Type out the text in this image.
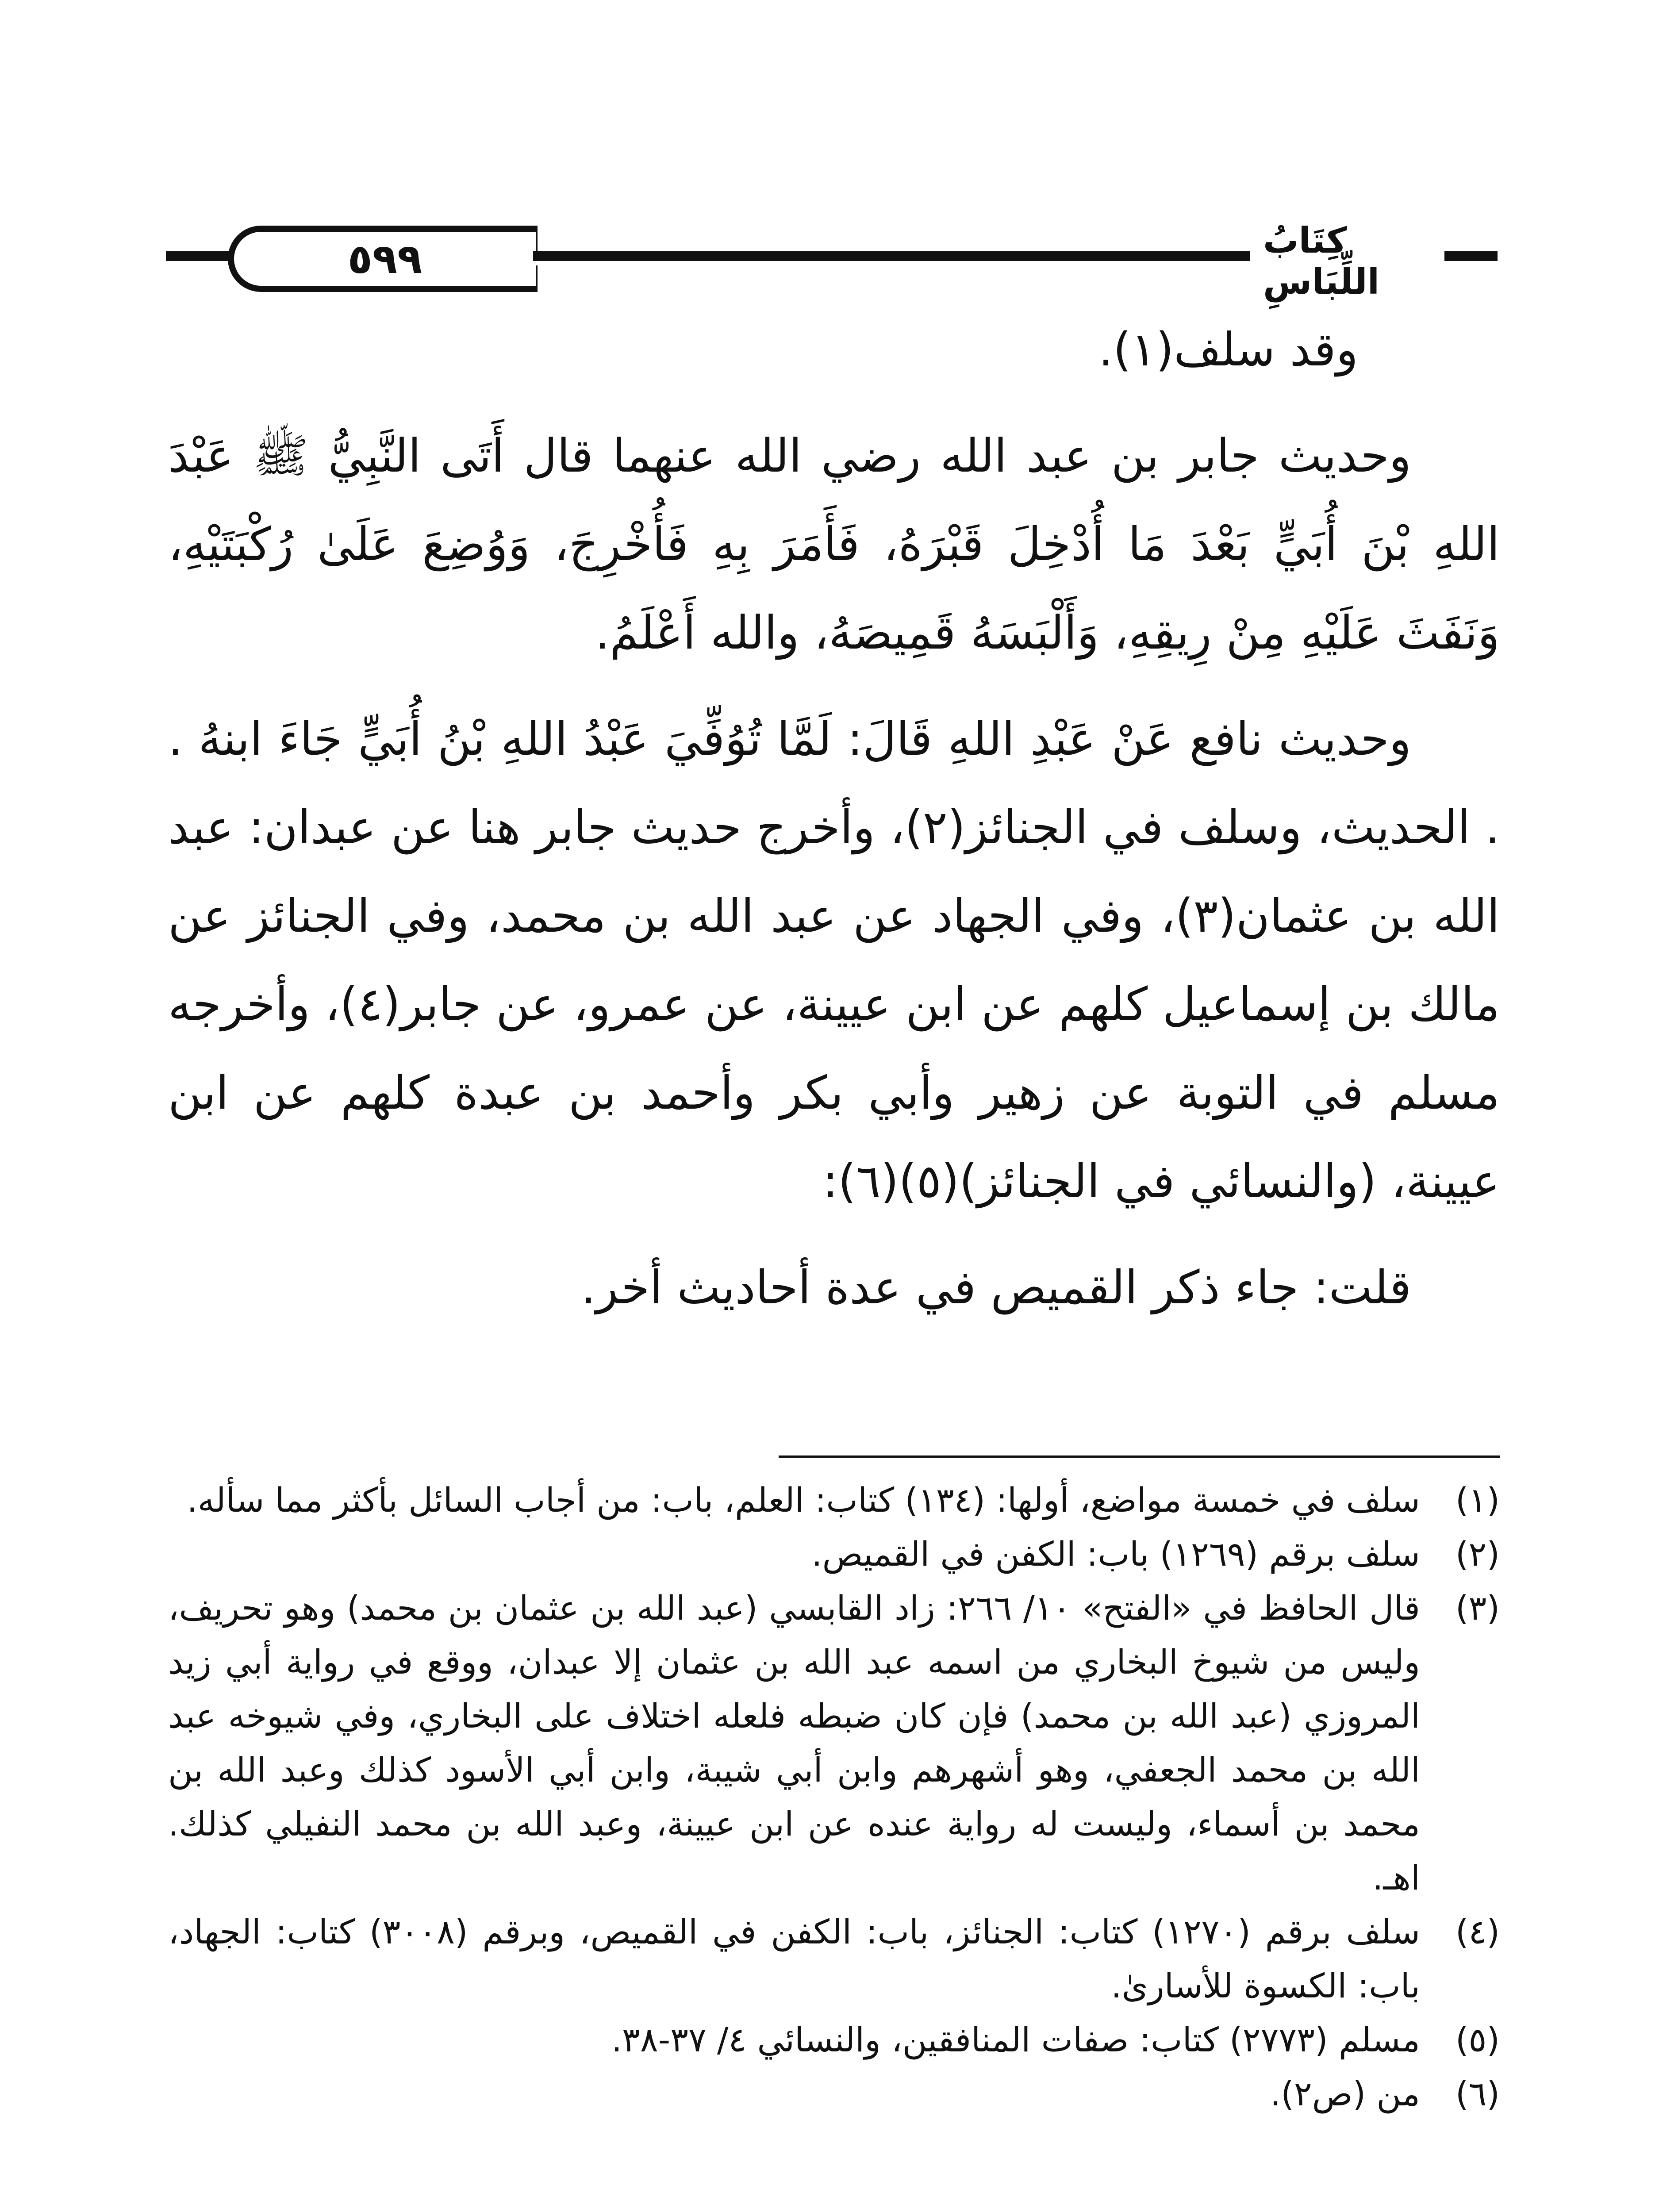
٥٩٩	كِتَابُ اللِّبَاسِ

وقد سلف(١).

وحديث جابر بن عبد الله رضي الله عنهما قال أَتَى النَّبِيُّ ﷺ عَبْدَ اللهِ بْنَ أُبَيٍّ بَعْدَ مَا أُدْخِلَ قَبْرَهُ، فَأَمَرَ بِهِ فَأُخْرِجَ، وَوُضِعَ عَلَىٰ رُكْبَتَيْهِ، وَنَفَثَ عَلَيْهِ مِنْ رِيقِهِ، وَأَلْبَسَهُ قَمِيصَهُ، والله أَعْلَمُ.

وحديث نافع عَنْ عَبْدِ اللهِ قَالَ: لَمَّا تُوُفِّيَ عَبْدُ اللهِ بْنُ أُبَيٍّ جَاءَ ابنهُ . . الحديث، وسلف في الجنائز(٢)، وأخرج حديث جابر هنا عن عبدان: عبد الله بن عثمان(٣)، وفي الجهاد عن عبد الله بن محمد، وفي الجنائز عن مالك بن إسماعيل كلهم عن ابن عيينة، عن عمرو، عن جابر(٤)، وأخرجه مسلم في التوبة عن زهير وأبي بكر وأحمد بن عبدة كلهم عن ابن عيينة، (والنسائي في الجنائز)(٥)(٦):

قلت: جاء ذكر القميص في عدة أحاديث أخر.

(١)
سلف في خمسة مواضع، أولها: (١٣٤) كتاب: العلم، باب: من أجاب السائل بأكثر مما سأله.
(٢)
سلف برقم (١٢٦٩) باب: الكفن في القميص.
(٣)
قال الحافظ في «الفتح» ١٠/ ٢٦٦: زاد القابسي (عبد الله بن عثمان بن محمد) وهو تحريف، وليس من شيوخ البخاري من اسمه عبد الله بن عثمان إلا عبدان، ووقع في رواية أبي زيد المروزي (عبد الله بن محمد) فإن كان ضبطه فلعله اختلاف على البخاري، وفي شيوخه عبد الله بن محمد الجعفي، وهو أشهرهم وابن أبي شيبة، وابن أبي الأسود كذلك وعبد الله بن محمد بن أسماء، وليست له رواية عنده عن ابن عيينة، وعبد الله بن محمد النفيلي كذلك. اهـ.
(٤)
سلف برقم (١٢٧٠) كتاب: الجنائز، باب: الكفن في القميص، وبرقم (٣٠٠٨) كتاب: الجهاد، باب: الكسوة للأسارىٰ.
(٥)
مسلم (٢٧٧٣) كتاب: صفات المنافقين، والنسائي ٤/ ٣٧-٣٨.
(٦)
من (ص٢).
